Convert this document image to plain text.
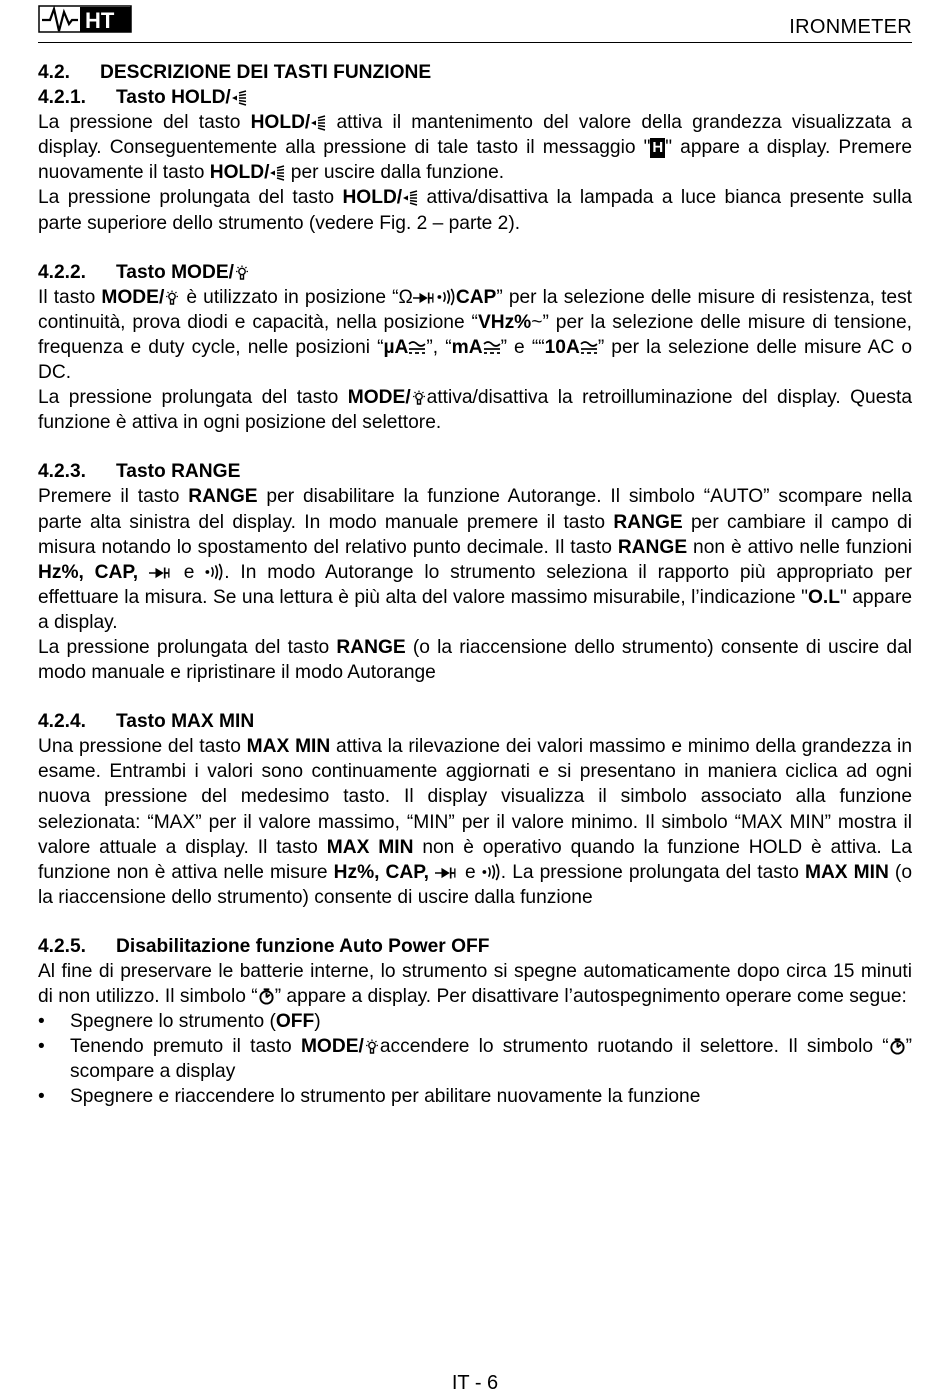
HT	IRONMETER
4.2. DESCRIZIONE DEI TASTI FUNZIONE
4.2.1. Tasto HOLD/

La pressione del tasto HOLD/ attiva il mantenimento del valore della grandezza visualizzata a display. Conseguentemente alla pressione di tale tasto il messaggio " H " appare a display. Premere nuovamente il tasto HOLD/ per uscire dalla funzione.

La pressione prolungata del tasto HOLD/ attiva/disattiva la lampada a luce bianca presente sulla parte superiore dello strumento (vedere Fig. 2 – parte 2).

4.2.2. Tasto MODE/

Il tasto MODE/ è utilizzato in posizione “Ω CAP” per la selezione delle misure di resistenza, test continuità, prova diodi e capacità, nella posizione “VHz%~” per la selezione delle misure di tensione, frequenza e duty cycle, nelle posizioni “µA ”, “mA ” e ““10A ” per la selezione delle misure AC o DC.

La pressione prolungata del tasto MODE/ attiva/disattiva la retroilluminazione del display. Questa funzione è attiva in ogni posizione del selettore.

4.2.3. Tasto RANGE

Premere il tasto RANGE per disabilitare la funzione Autorange. Il simbolo “AUTO” scompare nella parte alta sinistra del display. In modo manuale premere il tasto RANGE per cambiare il campo di misura notando lo spostamento del relativo punto decimale. Il tasto RANGE non è attivo nelle funzioni Hz%, CAP,  e . In modo Autorange lo strumento seleziona il rapporto più appropriato per effettuare la misura. Se una lettura è più alta del valore massimo misurabile, l’indicazione "O.L" appare a display.

La pressione prolungata del tasto RANGE (o la riaccensione dello strumento) consente di uscire dal modo manuale e ripristinare il modo Autorange

4.2.4. Tasto MAX MIN

Una pressione del tasto MAX MIN attiva la rilevazione dei valori massimo e minimo della grandezza in esame. Entrambi i valori sono continuamente aggiornati e si presentano in maniera ciclica ad ogni nuova pressione del medesimo tasto. Il display visualizza il simbolo associato alla funzione selezionata: “MAX” per il valore massimo, “MIN” per il valore minimo. Il simbolo “MAX MIN” mostra il valore attuale a display. Il tasto MAX MIN non è operativo quando la funzione HOLD è attiva. La funzione non è attiva nelle misure Hz%, CAP,  e . La pressione prolungata del tasto MAX MIN (o la riaccensione dello strumento) consente di uscire dalla funzione

4.2.5. Disabilitazione funzione Auto Power OFF

Al fine di preservare le batterie interne, lo strumento si spegne automaticamente dopo circa 15 minuti di non utilizzo. Il simbolo “ ” appare a display. Per disattivare l’autospegnimento operare come segue:

• Spegnere lo strumento (OFF)
• Tenendo premuto il tasto MODE/ accendere lo strumento ruotando il selettore. Il simbolo “ ” scompare a display
• Spegnere e riaccendere lo strumento per abilitare nuovamente la funzione
IT - 6
